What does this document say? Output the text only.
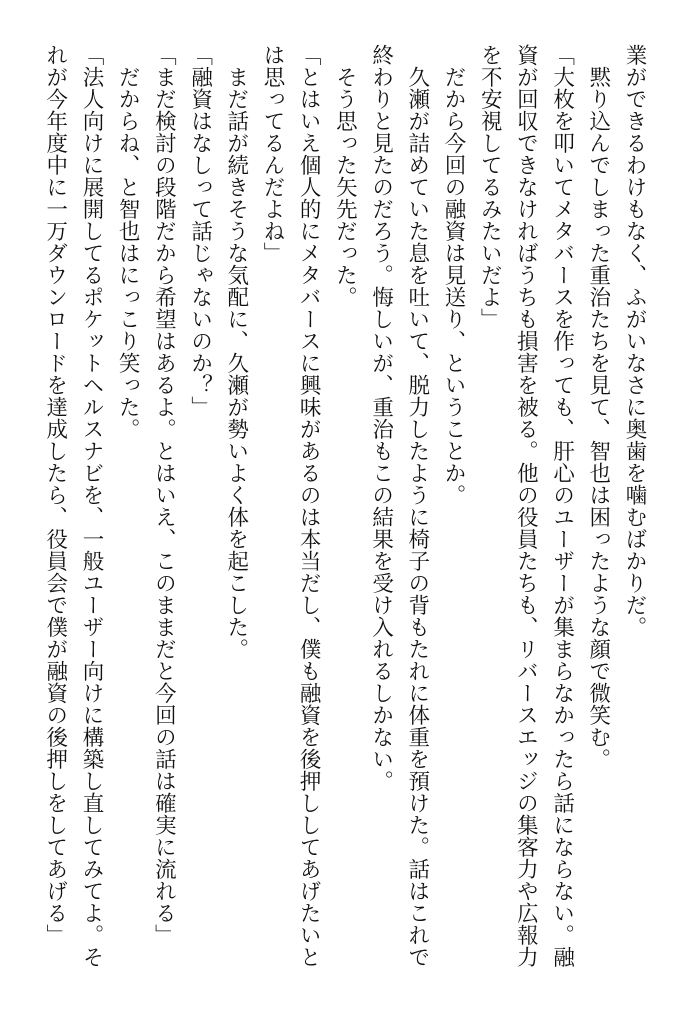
業ができるわけもなく、ふがいなさに奥歯を噛むばかりだ。
黙り込んでしまった重治たちを見て、智也は困ったような顔で微笑む。
「大枚を叩いてメタバースを作っても、肝心のユーザーが集まらなかったら話にならない。融
資が回収できなければうちも損害を被る。他の役員たちも、リバースエッジの集客力や広報力
を不安視してるみたいだよ」
だから今回の融資は見送り、ということか。
久瀬が詰めていた息を吐いて、脱力したように椅子の背もたれに体重を預けた。話はこれで
終わりと見たのだろう。悔しいが、重治もこの結果を受け入れるしかない。
そう思った矢先だった。
「とはいえ個人的にメタバースに興味があるのは本当だし、僕も融資を後押ししてあげたいと
は思ってるんだよね」
まだ話が続きそうな気配に、久瀬が勢いよく体を起こした。
「融資はなしって話じゃないのか？」
「まだ検討の段階だから希望はあるよ。とはいえ、このままだと今回の話は確実に流れる」
だからね、と智也はにっこり笑った。
「法人向けに展開してるポケットヘルスナビを、一般ユーザー向けに構築し直してみてよ。そ
れが今年度中に一万ダウンロードを達成したら、役員会で僕が融資の後押しをしてあげる」
